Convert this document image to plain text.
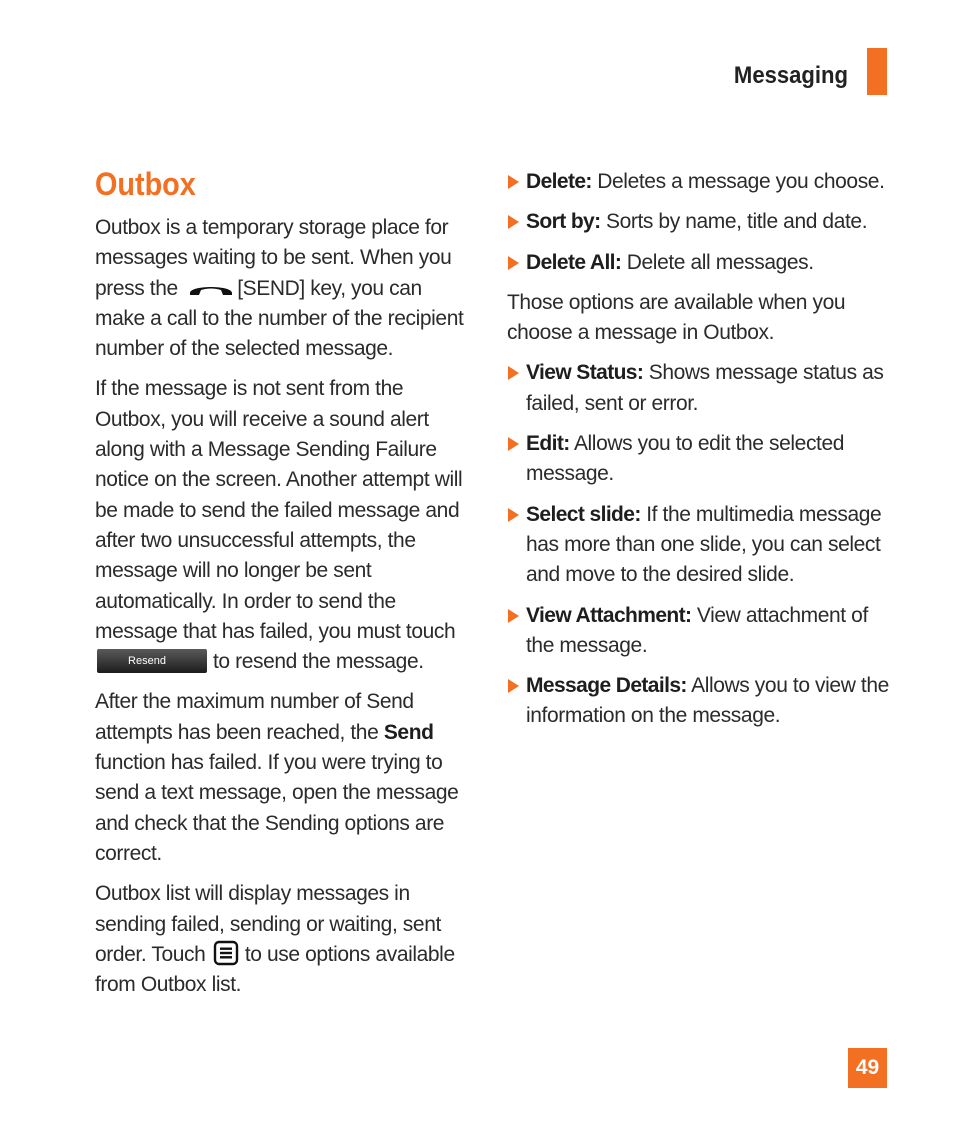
Messaging
Outbox

Outbox is a temporary storage place for messages waiting to be sent. When you press the	[SEND] key, you can make a call to the number of the recipient number of the selected message.

If the message is not sent from the Outbox, you will receive a sound alert along with a Message Sending Failure notice on the screen. Another attempt will be made to send the failed message and after two unsuccessful attempts, the message will no longer be sent automatically. In order to send the message that has failed, you must touch Resend to resend the message.

After the maximum number of Send attempts has been reached, the Send function has failed. If you were trying to send a text message, open the message and check that the Sending options are correct.

Outbox list will display messages in sending failed, sending or waiting, sent order. Touch to use options available from Outbox list.

Delete: Deletes a message you choose.
Sort by: Sorts by name, title and date.
Delete All: Delete all messages.

Those options are available when you choose a message in Outbox.

View Status: Shows message status as failed, sent or error.
Edit: Allows you to edit the selected message.
Select slide: If the multimedia message has more than one slide, you can select and move to the desired slide.
View Attachment: View attachment of the message.
Message Details: Allows you to view the information on the message.
49
